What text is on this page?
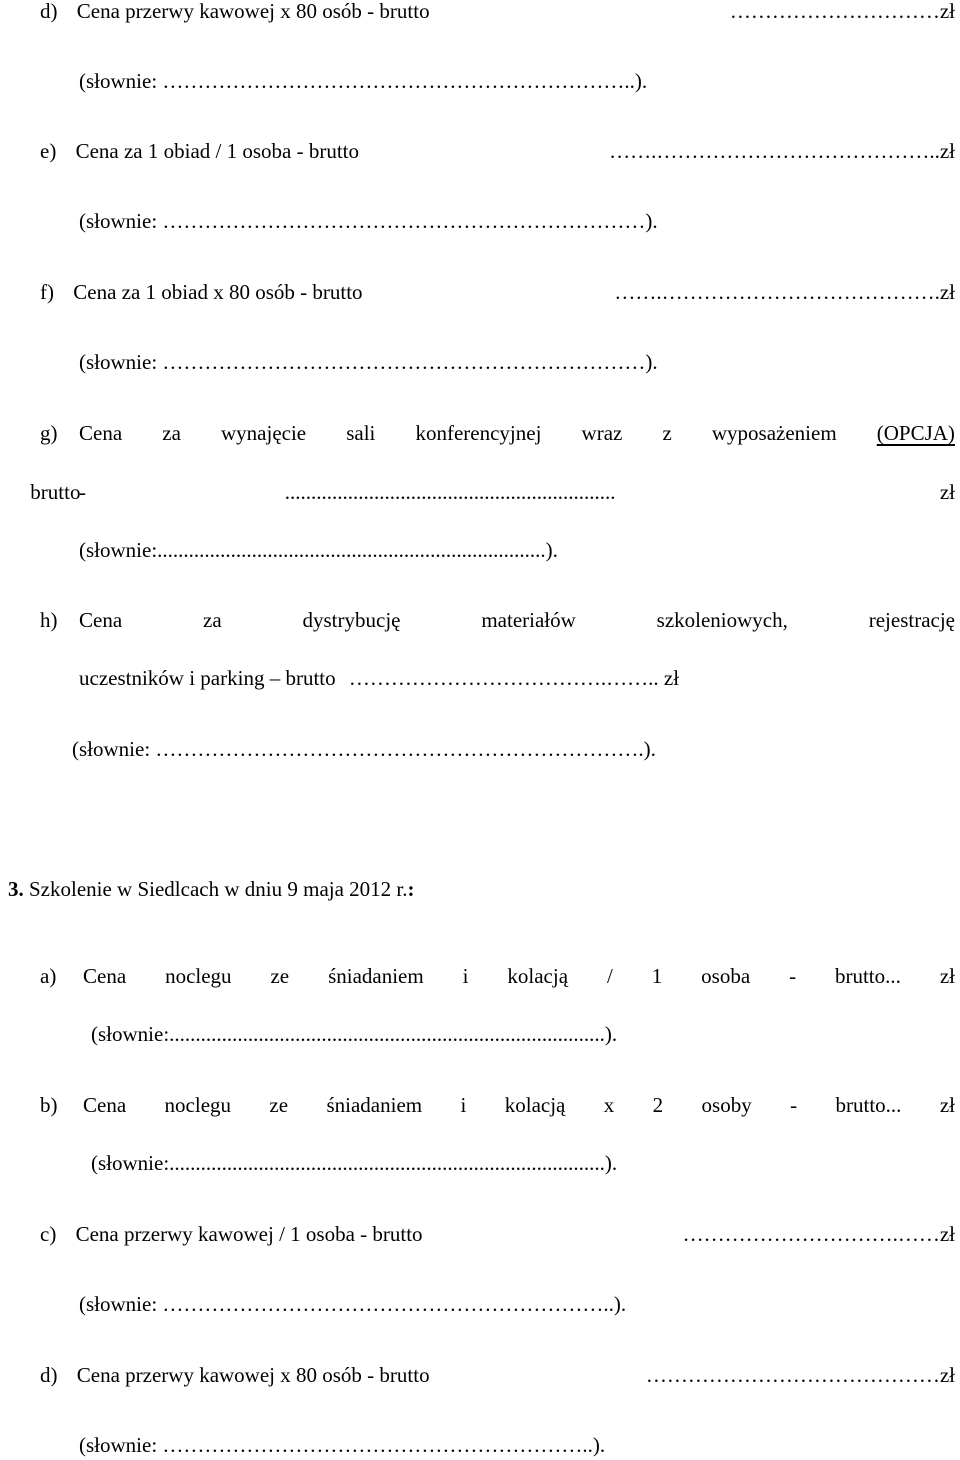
d) Cena przerwy kawowej x 80 osób - brutto	…………………………zł
(słownie: …………………………………………………………..).
e) Cena za 1 obiad / 1 osoba - brutto	…….…………………………………..zł
(słownie: ……………………………………………………………).
f) Cena za 1 obiad x 80 osób - brutto	…….………………………………….zł
(słownie: ……………………………………………………………).
g) Cena za wynajęcie sali konferencyjnej wraz z wyposażeniem (OPCJA)
-
brutto	...............................................................	zł
(słownie:..........................................................................).
h) Cena	za	dystrybucję	materiałów	szkoleniowych,	rejestrację
uczestników i parking – brutto ……………………………….…….. zł
(słownie: …………………………………………………………….).
3. Szkolenie w Siedlcach w dniu 9 maja 2012 r.:
a) Cena noclegu ze śniadaniem i kolacją / 1 osoba - brutto... zł
(słownie:...................................................................................).
b) Cena noclegu ze śniadaniem i kolacją x 2 osoby - brutto... zł
(słownie:...................................................................................).
c) Cena przerwy kawowej / 1 osoba - brutto	………………………….……zł
(słownie: ………………………………………………………..).
d) Cena przerwy kawowej x 80 osób - brutto	……………………………………zł
(słownie: ……………………………………………………..).
